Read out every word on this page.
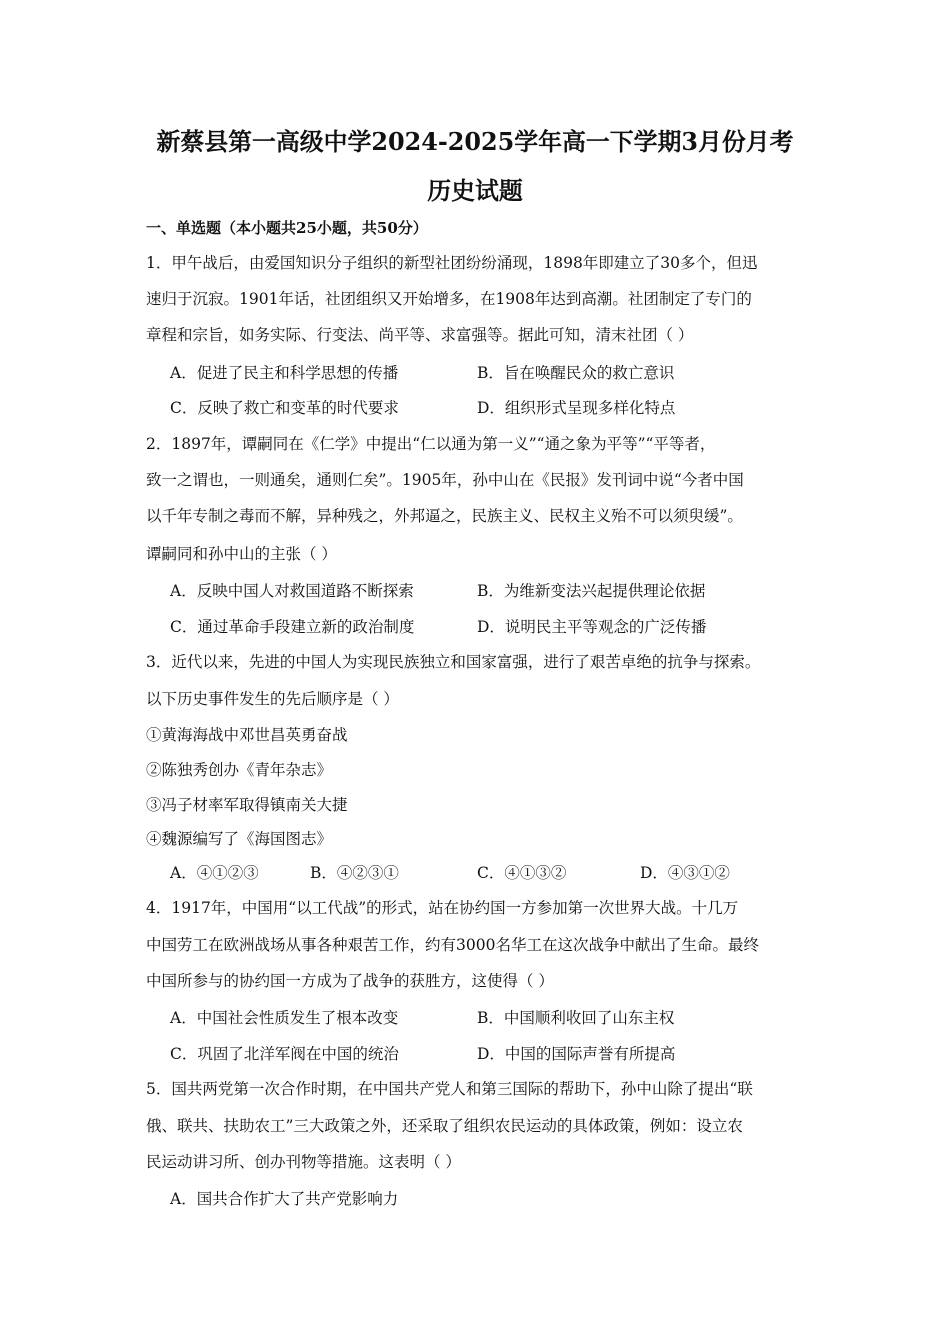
新蔡县第一高级中学2024-2025学年高一下学期3月份月考
历史试题
一、单选题（本小题共25小题，共50分）
1．甲午战后，由爱国知识分子组织的新型社团纷纷涌现，1898年即建立了30多个，但迅
速归于沉寂。1901年话，社团组织又开始增多，在1908年达到高潮。社团制定了专门的
章程和宗旨，如务实际、行变法、尚平等、求富强等。据此可知，清末社团（ ）
A．促进了民主和科学思想的传播	B．旨在唤醒民众的救亡意识
C．反映了救亡和变革的时代要求	D．组织形式呈现多样化特点
2．1897年，谭嗣同在《仁学》中提出“仁以通为第一义”“通之象为平等”“平等者，
致一之谓也，一则通矣，通则仁矣”。1905年，孙中山在《民报》发刊词中说“今者中国
以千年专制之毒而不解，异种残之，外邦逼之，民族主义、民权主义殆不可以须臾缓”。
谭嗣同和孙中山的主张（ ）
A．反映中国人对救国道路不断探索	B．为维新变法兴起提供理论依据
C．通过革命手段建立新的政治制度	D．说明民主平等观念的广泛传播
3．近代以来，先进的中国人为实现民族独立和国家富强，进行了艰苦卓绝的抗争与探索。
以下历史事件发生的先后顺序是（ ）
①黄海海战中邓世昌英勇奋战
②陈独秀创办《青年杂志》
③冯子材率军取得镇南关大捷
④魏源编写了《海国图志》
A．④①②③	B．④②③①	C．④①③②	D．④③①②
4．1917年，中国用“以工代战”的形式，站在协约国一方参加第一次世界大战。十几万
中国劳工在欧洲战场从事各种艰苦工作，约有3000名华工在这次战争中献出了生命。最终
中国所参与的协约国一方成为了战争的获胜方，这使得（ ）
A．中国社会性质发生了根本改变	B．中国顺利收回了山东主权
C．巩固了北洋军阀在中国的统治	D．中国的国际声誉有所提高
5．国共两党第一次合作时期，在中国共产党人和第三国际的帮助下，孙中山除了提出“联
俄、联共、扶助农工”三大政策之外，还采取了组织农民运动的具体政策，例如：设立农
民运动讲习所、创办刊物等措施。这表明（ ）
A．国共合作扩大了共产党影响力
